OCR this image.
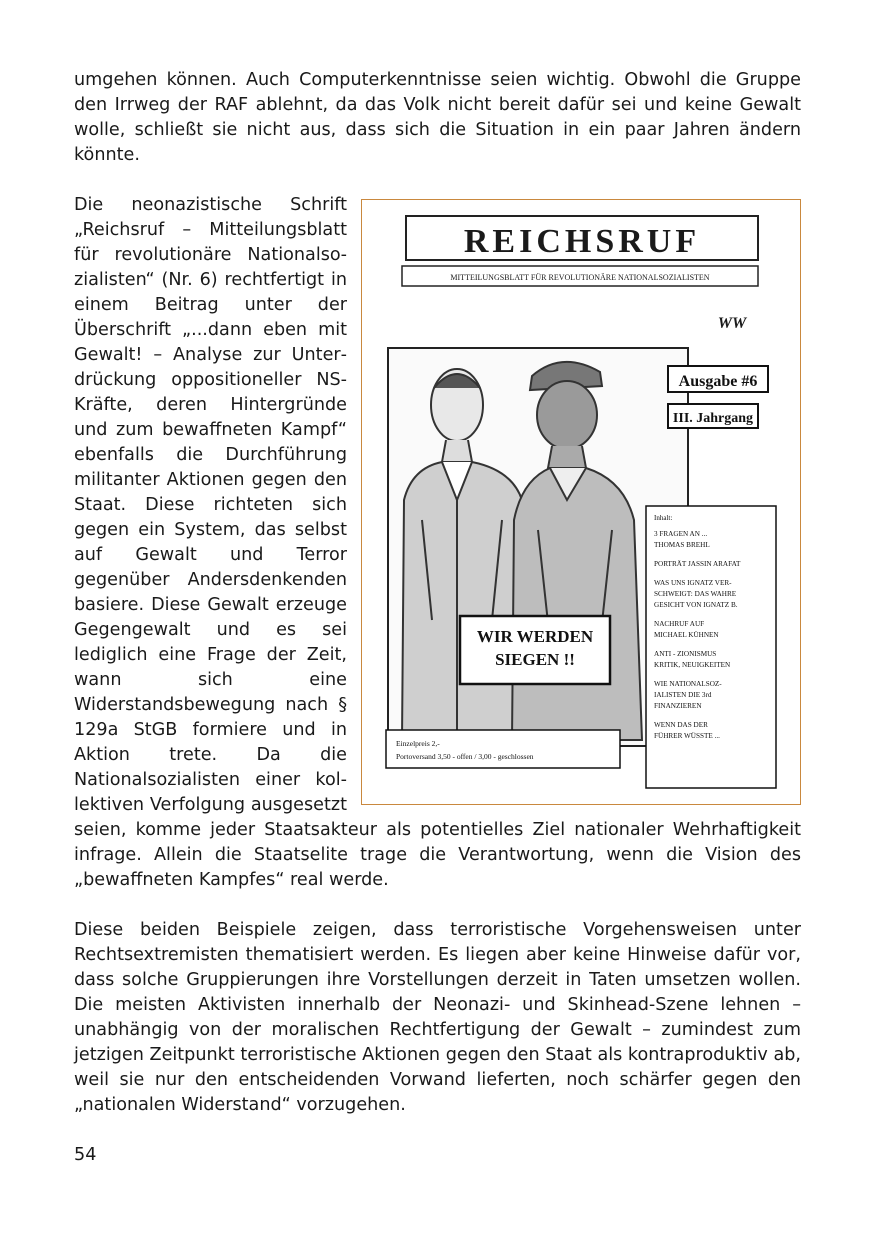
umgehen können. Auch Computerkenntnisse seien wichtig. Obwohl die Gruppe den Irrweg der RAF ablehnt, da das Volk nicht bereit dafür sei und keine Gewalt wolle, schließt sie nicht aus, dass sich die Situation in ein paar Jahren ändern könnte.

REICHSRUF
MITTEILUNGSBLATT FÜR REVOLUTIONÄRE NATIONALSOZIALISTEN
WW
WIR WERDEN
SIEGEN !!
Ausgabe #6
III. Jahrgang
Inhalt:
3 FRAGEN AN ...
THOMAS BREHL
PORTRÄT JASSIN ARAFAT
WAS UNS IGNATZ VER-
SCHWEIGT: DAS WAHRE
GESICHT VON IGNATZ B.
NACHRUF AUF
MICHAEL KÜHNEN
ANTI - ZIONISMUS
KRITIK, NEUIGKEITEN
WIE NATIONALSOZ-
IALISTEN DIE 3rd
FINANZIEREN
WENN DAS DER
FÜHRER WÜSSTE ...
Einzelpreis 2,-
Portoversand 3,50 - offen / 3,00 - geschlossen

Die neonazistische Schrift „Reichsruf – Mitteilungsblatt für revolutionäre Nationalsozialisten“ (Nr. 6) rechtfertigt in einem Beitrag unter der Überschrift „...dann eben mit Gewalt! – Analyse zur Unterdrückung oppositioneller NS-Kräfte, deren Hintergründe und zum bewaffneten Kampf“ ebenfalls die Durchführung militanter Aktionen gegen den Staat. Diese richteten sich gegen ein System, das selbst auf Gewalt und Terror gegenüber Andersdenkenden basiere. Diese Gewalt erzeuge Gegengewalt und es sei lediglich eine Frage der Zeit, wann sich eine Widerstandsbewegung nach § 129a StGB formiere und in Aktion trete. Da die Nationalsozialisten einer kollektiven Verfolgung ausgesetzt seien, komme jeder Staatsakteur als potentielles Ziel nationaler Wehrhaftigkeit infrage. Allein die Staatselite trage die Verantwortung, wenn die Vision des „bewaffneten Kampfes“ real werde.

Diese beiden Beispiele zeigen, dass terroristische Vorgehensweisen unter Rechtsextremisten thematisiert werden. Es liegen aber keine Hinweise dafür vor, dass solche Gruppierungen ihre Vorstellungen derzeit in Taten umsetzen wollen. Die meisten Aktivisten innerhalb der Neonazi- und Skinhead-Szene lehnen – unabhängig von der moralischen Rechtfertigung der Gewalt – zumindest zum jetzigen Zeitpunkt terroristische Aktionen gegen den Staat als kontraproduktiv ab, weil sie nur den entscheidenden Vorwand lieferten, noch schärfer gegen den „nationalen Widerstand“ vorzugehen.

54
